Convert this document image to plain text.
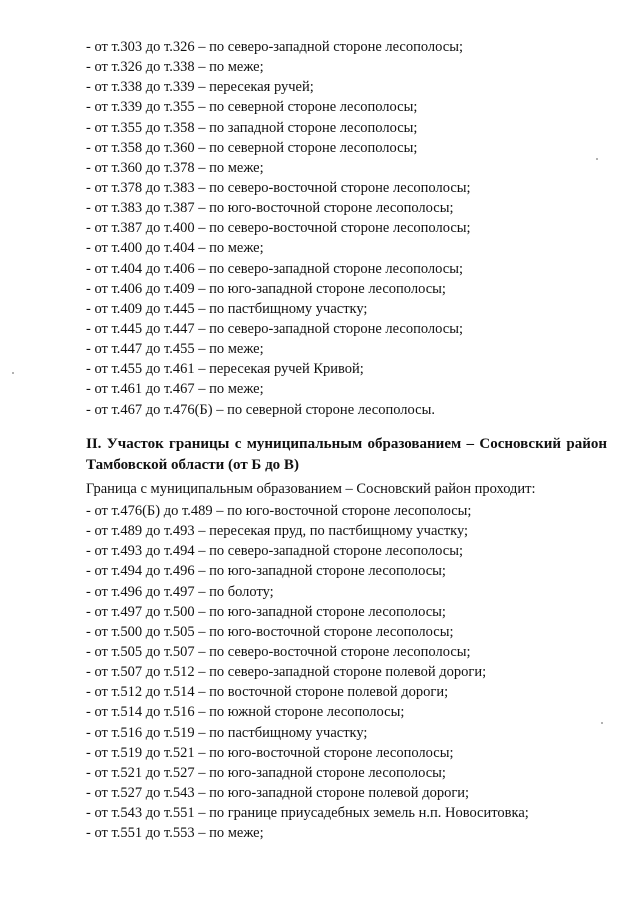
- от т.303 до т.326 – по северо-западной стороне лесополосы;
- от т.326 до т.338 – по меже;
- от т.338 до т.339 – пересекая ручей;
- от т.339 до т.355 – по северной стороне лесополосы;
- от т.355 до т.358 – по западной стороне лесополосы;
- от т.358 до т.360 – по северной стороне лесополосы;
- от т.360 до т.378 – по меже;
- от т.378 до т.383 – по северо-восточной стороне лесополосы;
- от т.383 до т.387 – по юго-восточной стороне лесополосы;
- от т.387 до т.400 – по северо-восточной стороне лесополосы;
- от т.400 до т.404 – по меже;
- от т.404 до т.406 – по северо-западной стороне лесополосы;
- от т.406 до т.409 – по юго-западной стороне лесополосы;
- от т.409 до т.445 – по пастбищному участку;
- от т.445 до т.447 – по северо-западной стороне лесополосы;
- от т.447 до т.455 – по меже;
- от т.455 до т.461 – пересекая ручей Кривой;
- от т.461 до т.467 – по меже;
- от т.467 до т.476(Б) – по северной стороне лесополосы.

II. Участок границы с муниципальным образованием – Сосновский район Тамбовской области (от Б до В)

Граница с муниципальным образованием – Сосновский район проходит:

- от т.476(Б) до т.489 – по юго-восточной стороне лесополосы;
- от т.489 до т.493 – пересекая пруд, по пастбищному участку;
- от т.493 до т.494 – по северо-западной стороне лесополосы;
- от т.494 до т.496 – по юго-западной стороне лесополосы;
- от т.496 до т.497 – по болоту;
- от т.497 до т.500 – по юго-западной стороне лесополосы;
- от т.500 до т.505 – по юго-восточной стороне лесополосы;
- от т.505 до т.507 – по северо-восточной стороне лесополосы;
- от т.507 до т.512 – по северо-западной стороне полевой дороги;
- от т.512 до т.514 – по восточной стороне полевой дороги;
- от т.514 до т.516 – по южной стороне лесополосы;
- от т.516 до т.519 – по пастбищному участку;
- от т.519 до т.521 – по юго-восточной стороне лесополосы;
- от т.521 до т.527 – по юго-западной стороне лесополосы;
- от т.527 до т.543 – по юго-западной стороне полевой дороги;
- от т.543 до т.551 – по границе приусадебных земель н.п. Новоситовка;
- от т.551 до т.553 – по меже;
